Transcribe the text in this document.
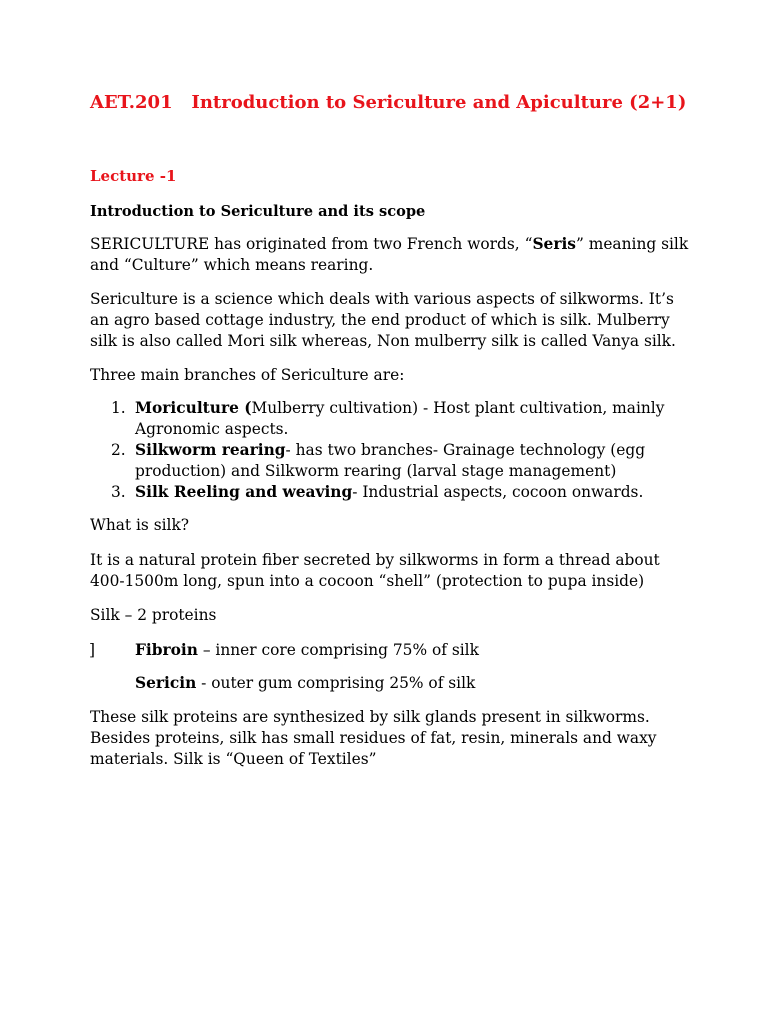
AET.201   Introduction to Sericulture and Apiculture (2+1)

Lecture -1

Introduction to Sericulture and its scope

SERICULTURE has originated from two French words, “Seris” meaning silk and “Culture” which means rearing.

Sericulture is a science which deals with various aspects of silkworms. It’s an agro based cottage industry, the end product of which is silk. Mulberry silk is also called Mori silk whereas, Non mulberry silk is called Vanya silk.

Three main branches of Sericulture are:

1. Moriculture (Mulberry cultivation) - Host plant cultivation, mainly Agronomic aspects.
2. Silkworm rearing- has two branches- Grainage technology (egg production) and Silkworm rearing (larval stage management)
3. Silk Reeling and weaving- Industrial aspects, cocoon onwards.

What is silk?

It is a natural protein fiber secreted by silkworms in form a thread about 400-1500m long, spun into a cocoon “shell” (protection to pupa inside)

Silk – 2 proteins

]	Fibroin – inner core comprising 75% of silk

Sericin - outer gum comprising 25% of silk

These silk proteins are synthesized by silk glands present in silkworms. Besides proteins, silk has small residues of fat, resin, minerals and waxy materials. Silk is “Queen of Textiles”
